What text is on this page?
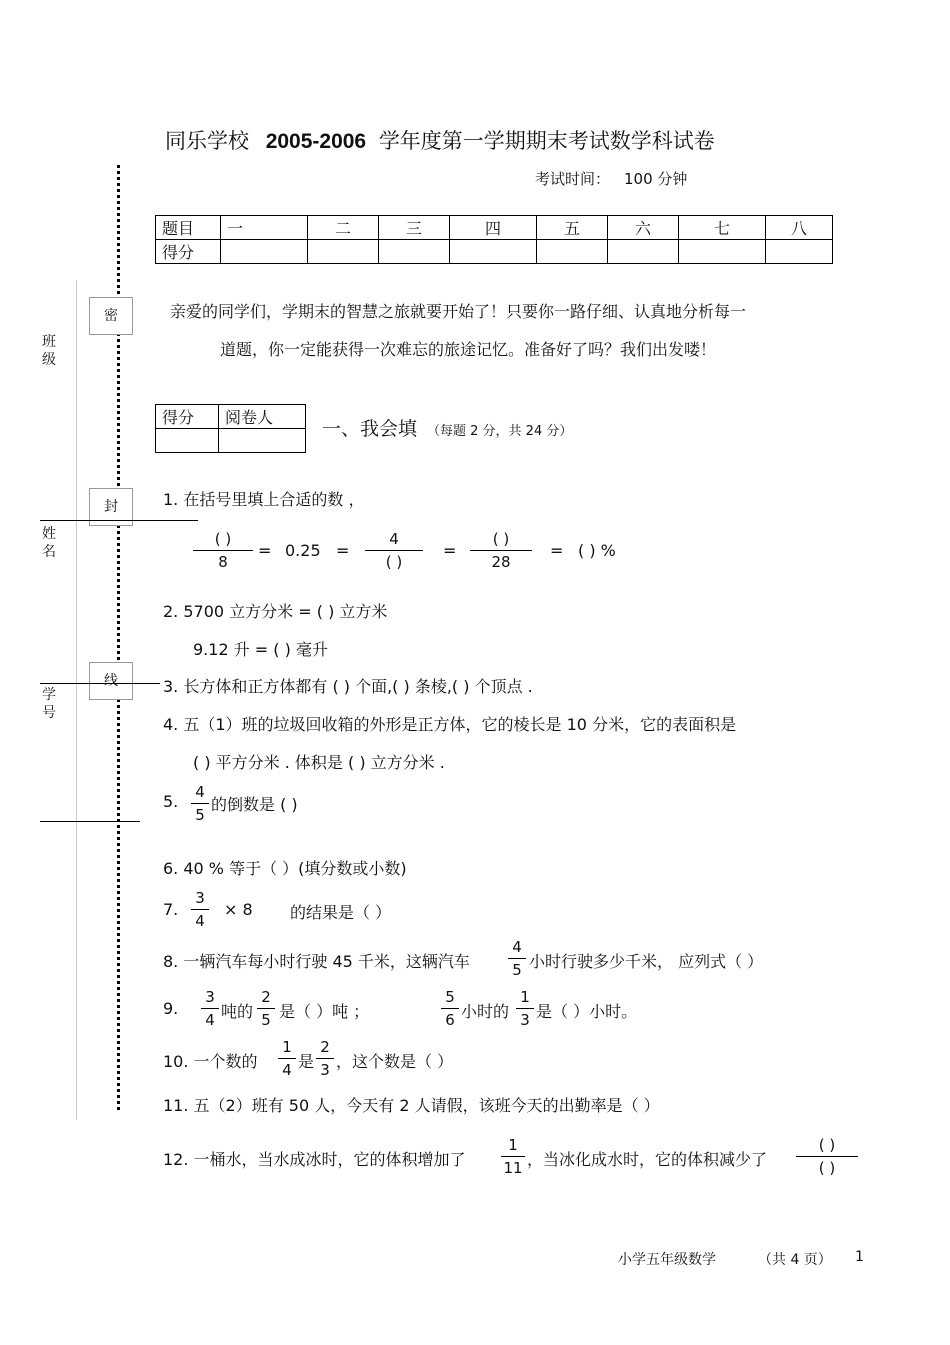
同乐学校 2005-2006 学年度第一学期期末考试数学科试卷
考试时间： 100 分钟
题目	一	二	三	四	五	六	七	八
得分								
亲爱的同学们，学期末的智慧之旅就要开始了！只要你一路仔细、认真地分析每一
道题，你一定能获得一次难忘的旅途记忆。准备好了吗？我们出发喽！
得分	阅卷人

一、我会填 （每题 2 分，共 24 分）
密
封
线
班级
姓名
学号
1. 在括号里填上合适的数 ，
( )
8
= 0.25 =
4
( )
=
( )
28
= ( ) %
2. 5700 立方分米 = ( ) 立方米
9.12 升 = ( ) 毫升
3. 长方体和正方体都有 ( ) 个面,( ) 条棱,( ) 个顶点 .
4. 五（1）班的垃圾回收箱的外形是正方体，它的棱长是 10 分米，它的表面积是
( ) 平方分米 . 体积是 ( ) 立方分米 .
5. 4
5
的倒数是 ( )
6. 40 % 等于（ ）(填分数或小数)
7.
3
4
× 8 的结果是（ ）
8. 一辆汽车每小时行驶 45 千米，这辆汽车
4
5 小时行驶多少千米， 应列式（ ）
9.
3
4 吨的
2
5 是（ ）吨 ；
5
6 小时的
1
3 是（ ）小时。
10. 一个数的
1
4 是
2
3 ，这个数是（ ）
11. 五（2）班有 50 人，今天有 2 人请假，该班今天的出勤率是（ ）
12. 一桶水，当水成冰时，它的体积增加了
1
11 ，当冰化成水时，它的体积减少了
( )
( )
小学五年级数学	（共 4 页） 1
